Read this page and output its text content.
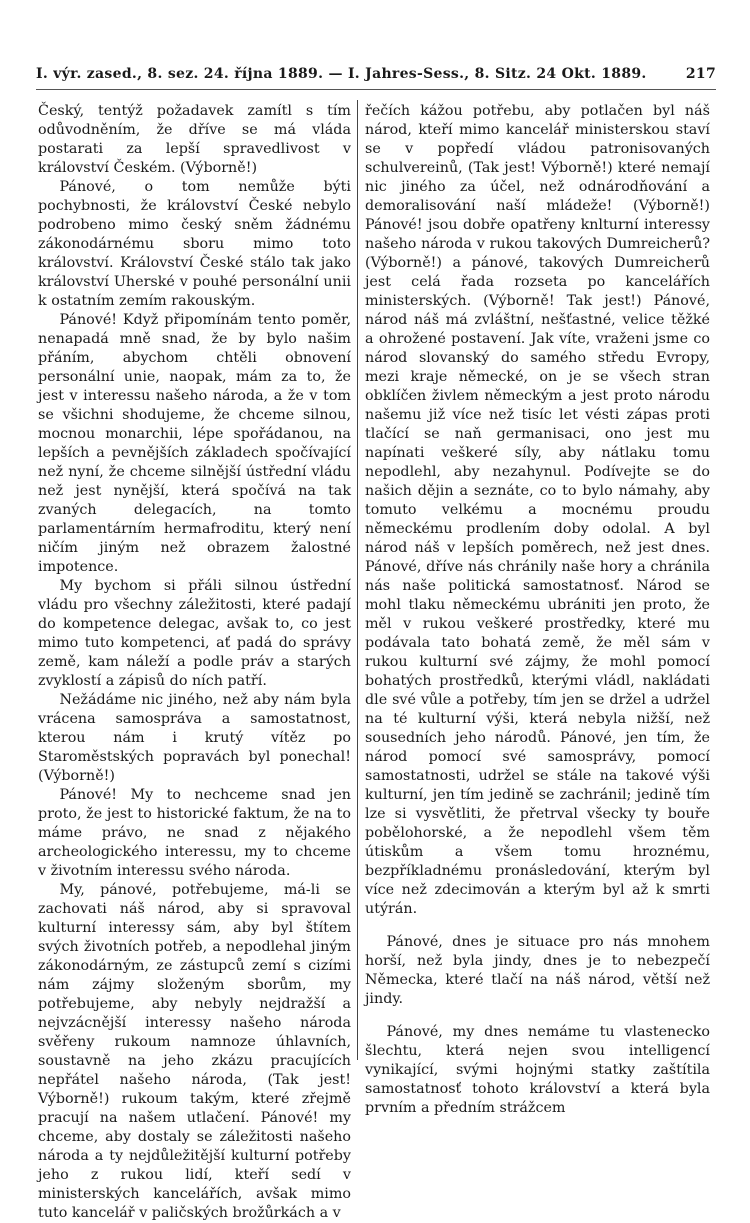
I. výr. zased., 8. sez. 24. října 1889. — I. Jahres-Sess., 8. Sitz. 24 Okt. 1889.	217

Český, tentýž požadavek zamítl s tím odůvodněním, že dříve se má vláda postarati za lepší spravedlivost v království Českém. (Výborně!)

Pánové, o tom nemůže býti pochybnosti, že království České nebylo podrobeno mimo český sněm žádnému zákonodárnému sboru mimo toto království. Království České stálo tak jako království Uherské v pouhé personální unii k ostatním zemím rakouským.

Pánové! Když připomínám tento poměr, nenapadá mně snad, že by bylo našim přáním, abychom chtěli obnovení personální unie, naopak, mám za to, že jest v interessu našeho národa, a že v tom se všichni shodujeme, že chceme silnou, mocnou monarchii, lépe spořádanou, na lepších a pevnějších základech spočívající než nyní, že chceme silnější ústřední vládu než jest nynější, která spočívá na tak zvaných delegacích, na tomto parlamentárním hermafroditu, který není ničím jiným než obrazem žalostné impotence.

My bychom si přáli silnou ústřední vládu pro všechny záležitosti, které padají do kompetence delegac, avšak to, co jest mimo tuto kompetenci, ať padá do správy země, kam náleží a podle práv a starých zvyklostí a zápisů do ních patří.

Nežádáme nic jiného, než aby nám byla vrácena samospráva a samostatnost, kterou nám i krutý vítěz po Staroměstských popravách byl ponechal! (Výborně!)

Pánové! My to nechceme snad jen proto, že jest to historické faktum, že na to máme právo, ne snad z nějakého archeologického interessu, my to chceme v životním interessu svého národa.

My, pánové, potřebujeme, má-li se zachovati náš národ, aby si spravoval kulturní interessy sám, aby byl štítem svých životních potřeb, a nepodlehal jiným zákonodárným, ze zástupců zemí s cizími nám zájmy složeným sborům, my potřebujeme, aby nebyly nejdražší a nejvzácnější interessy našeho národa svěřeny rukoum namnoze úhlavních, soustavně na jeho zkázu pracujících nepřátel našeho národa, (Tak jest! Výborně!) rukoum takým, které zřejmě pracují na našem utlačení. Pánové! my chceme, aby dostaly se záležitosti našeho národa a ty nejdůležitější kulturní potřeby jeho z rukou lidí, kteří sedí v ministerských kancelářích, avšak mimo tuto kancelář v paličských brožůrkách a v

řečích kážou potřebu, aby potlačen byl náš národ, kteří mimo kancelář ministerskou staví se v popředí vládou patronisovaných schulvereinů, (Tak jest! Výborně!) které nemají nic jiného za účel, než odnárodňování a demoralisování naší mládeže! (Výborně!) Pánové! jsou dobře opatřeny knlturní interessy našeho národa v rukou takových Dumreicherů? (Výborně!) a pánové, takových Dumreicherů jest celá řada rozseta po kancelářích ministerských. (Výborně! Tak jest!) Pánové, národ náš má zvláštní, nešťastné, velice těžké a ohrožené postavení. Jak víte, vraženi jsme co národ slovanský do samého středu Evropy, mezi kraje německé, on je se všech stran obklíčen živlem německým a jest proto národu našemu již více než tisíc let vésti zápas proti tlačící se naň germanisaci, ono jest mu napínati veškeré síly, aby nátlaku tomu nepodlehl, aby nezahynul. Podívejte se do našich dějin a seznáte, co to bylo námahy, aby tomuto velkému a mocnému proudu německému prodlením doby odolal. A byl národ náš v lepších poměrech, než jest dnes. Pánové, dříve nás chránily naše hory a chránila nás naše politická samostatnosť. Národ se mohl tlaku německému ubrániti jen proto, že měl v rukou veškeré prostředky, které mu podávala tato bohatá země, že měl sám v rukou kulturní své zájmy, že mohl pomocí bohatých prostředků, kterými vládl, nakládati dle své vůle a potřeby, tím jen se držel a udržel na té kulturní výši, která nebyla nižší, než sousedních jeho národů. Pánové, jen tím, že národ pomocí své samosprávy, pomocí samostatnosti, udržel se stále na takové výši kulturní, jen tím jedině se zachránil; jedině tím lze si vysvětliti, že přetrval všecky ty bouře pobělohorské, a že nepodlehl všem těm útiskům a všem tomu hroznému, bezpříkladnému pronásledování, kterým byl více než zdecimován a kterým byl až k smrti utýrán.

Pánové, dnes je situace pro nás mnohem horší, než byla jindy, dnes je to nebezpečí Německa, které tlačí na náš národ, větší než jindy.

Pánové, my dnes nemáme tu vlastenecko šlechtu, která nejen svou intelligencí vynikající, svými hojnými statky zaštítila samostatnosť tohoto království a která byla prvním a předním strážcem
